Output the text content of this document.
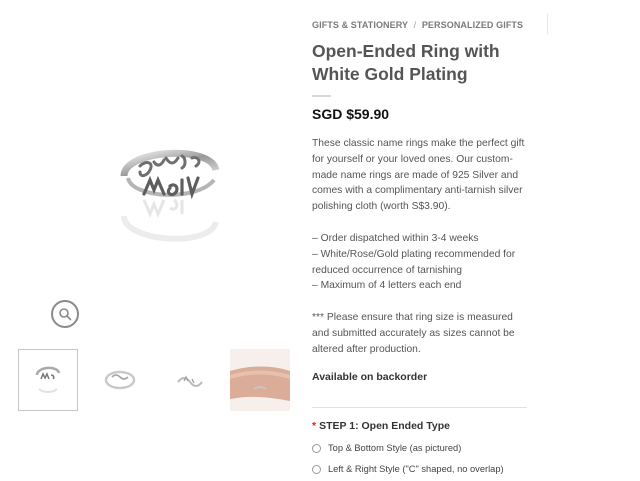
GIFTS & STATIONERY / PERSONALIZED GIFTS
Open-Ended Ring with White Gold Plating
SGD $59.90

These classic name rings make the perfect gift for yourself or your loved ones. Our custom-made name rings are made of 925 Silver and comes with a complimentary anti-tarnish silver polishing cloth (worth S$3.90).

– Order dispatched within 3-4 weeks
– White/Rose/Gold plating recommended for reduced occurrence of tarnishing
– Maximum of 4 letters each end

*** Please ensure that ring size is measured and submitted accurately as sizes cannot be altered after production.

Available on backorder
* STEP 1: Open Ended Type
Top & Bottom Style (as pictured)
Left & Right Style ("C" shaped, no overlap)
